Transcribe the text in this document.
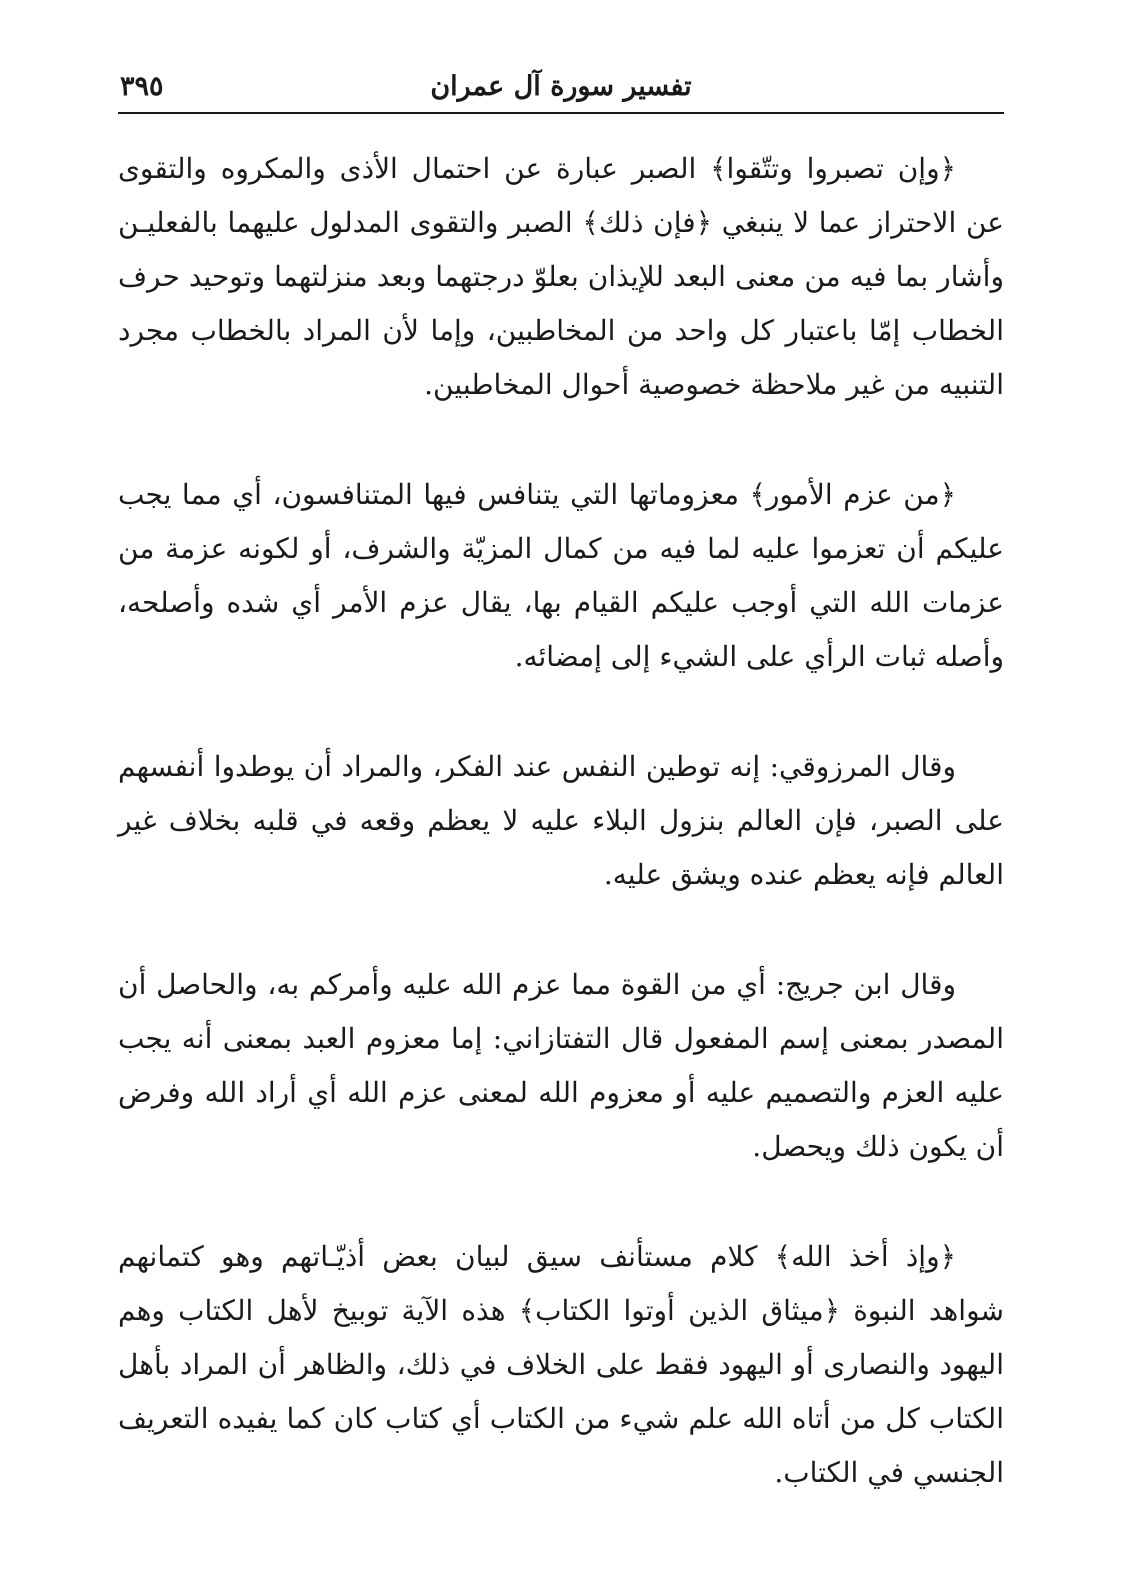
تفسير سورة آل عمران
٣٩٥

﴿وإن تصبروا وتتّقوا﴾ الصبر عبارة عن احتمال الأذى والمكروه والتقوى عن الاحتراز عما لا ينبغي ﴿فإن ذلك﴾ الصبر والتقوى المدلول عليهما بالفعليـن وأشار بما فيه من معنى البعد للإيذان بعلوّ درجتهما وبعد منزلتهما وتوحيد حرف الخطاب إمّا باعتبار كل واحد من المخاطبين، وإما لأن المراد بالخطاب مجرد التنبيه من غير ملاحظة خصوصية أحوال المخاطبين.

﴿من عزم الأمور﴾ معزوماتها التي يتنافس فيها المتنافسون، أي مما يجب عليكم أن تعزموا عليه لما فيه من كمال المزيّة والشرف، أو لكونه عزمة من عزمات الله التي أوجب عليكم القيام بها، يقال عزم الأمر أي شده وأصلحه، وأصله ثبات الرأي على الشيء إلى إمضائه.

وقال المرزوقي: إنه توطين النفس عند الفكر، والمراد أن يوطدوا أنفسهم على الصبر، فإن العالم بنزول البلاء عليه لا يعظم وقعه في قلبه بخلاف غير العالم فإنه يعظم عنده ويشق عليه.

وقال ابن جريج: أي من القوة مما عزم الله عليه وأمركم به، والحاصل أن المصدر بمعنى إسم المفعول قال التفتازاني: إما معزوم العبد بمعنى أنه يجب عليه العزم والتصميم عليه أو معزوم الله لمعنى عزم الله أي أراد الله وفرض أن يكون ذلك ويحصل.

﴿وإذ أخذ الله﴾ كلام مستأنف سيق لبيان بعض أذيّـاتهم وهو كتمانهم شواهد النبوة ﴿ميثاق الذين أوتوا الكتاب﴾ هذه الآية توبيخ لأهل الكتاب وهم اليهود والنصارى أو اليهود فقط على الخلاف في ذلك، والظاهر أن المراد بأهل الكتاب كل من أتاه الله علم شيء من الكتاب أي كتاب كان كما يفيده التعريف الجنسي في الكتاب.
